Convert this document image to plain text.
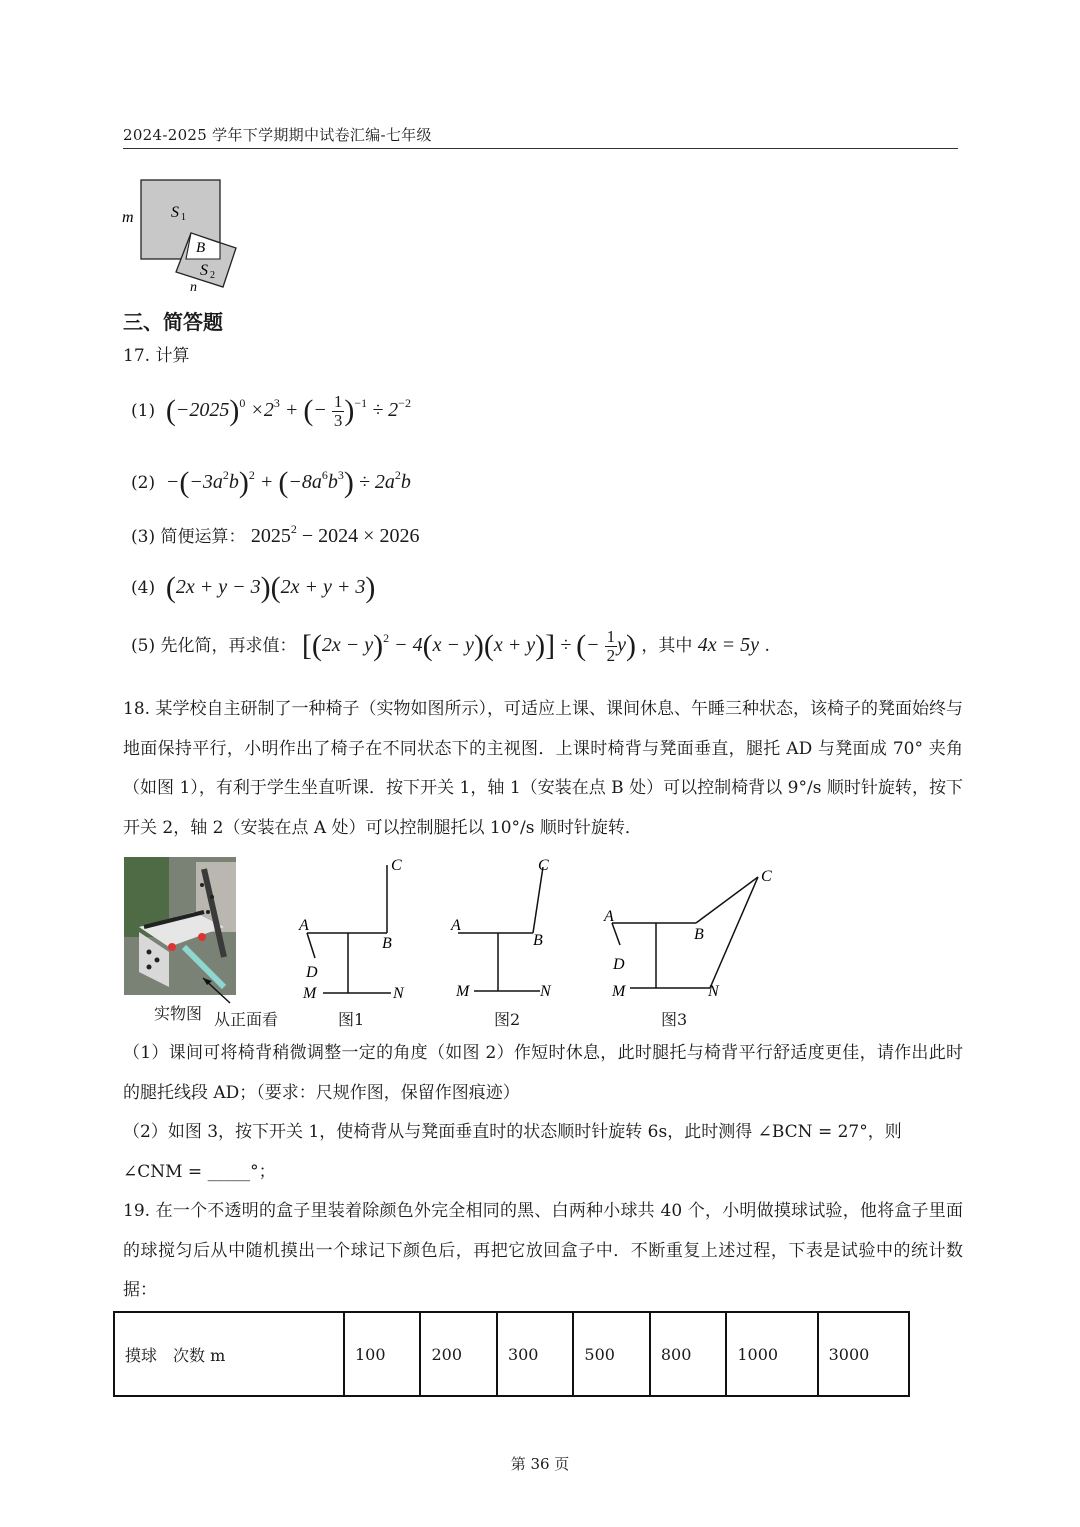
2024-2025 学年下学期期中试卷汇编-七年级
m S 1
B
S 2
n
三、简答题
17. 计算
(1) $(-2025)^0 \times 2^3$ + (− $\frac{1}{3} )^{-1} \div 2^{-2}$
$(2) -(-3a^2b)^2 + (-8a^6b^3) \div 2a^2b$
(3) 简便运算： $2025^2 - 2024 \times 2026$
(4) (2x + y − 3)(2x + y + 3)
(5) 先化简，再求值： $[(2x - y)^2 - 4(x - y)(x + y)]$ ÷ (− $\frac{1}{2} y$) ，其中 4x = 5y .
18. 某学校自主研制了一种椅子（实物如图所示），可适应上课、课间休息、午睡三种状态，该椅子的凳面始终与地面保持平行，小明作出了椅子在不同状态下的主视图．上课时椅背与凳面垂直，腿托 AD 与凳面成 70° 夹角（如图 1），有利于学生坐直听课．按下开关 1，轴 1（安装在点 B 处）可以控制椅背以 9°/s 顺时针旋转，按下开关 2，轴 2（安装在点 A 处）可以控制腿托以 10°/s 顺时针旋转．
实物图 从正面看
C
A
B
D
M	N
图1
C
A
B
M	N
图2
C
A
B
D
M	N
图3
（1）课间可将椅背稍微调整一定的角度（如图 2）作短时休息，此时腿托与椅背平行舒适度更佳，请作出此时的腿托线段 AD；（要求：尺规作图，保留作图痕迹）
（2）如图 3，按下开关 1，使椅背从与凳面垂直时的状态顺时针旋转 6s，此时测得 ∠BCN = 27°，则
∠CNM = _____°；
19. 在一个不透明的盒子里装着除颜色外完全相同的黑、白两种小球共 40 个，小明做摸球试验，他将盒子里面的球搅匀后从中随机摸出一个球记下颜色后，再把它放回盒子中．不断重复上述过程，下表是试验中的统计数据：
摸球　次数 m	100	200	300	500	800	1000	3000
第 36 页
